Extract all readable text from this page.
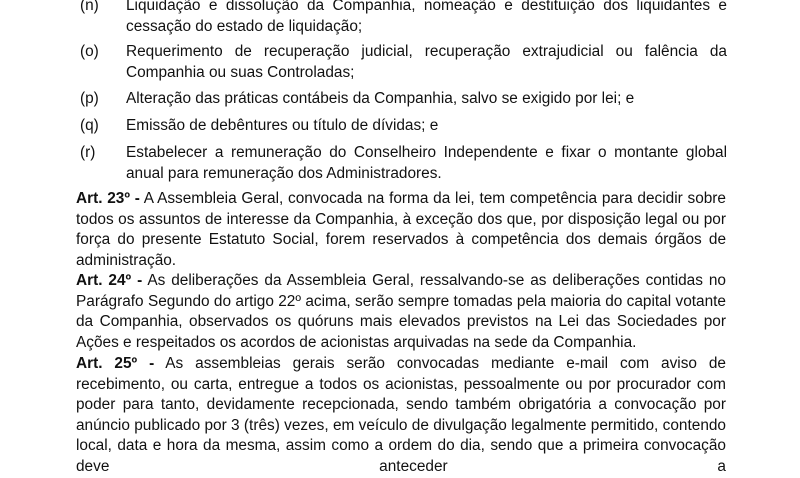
(n) Liquidação e dissolução da Companhia, nomeação e destituição dos liquidantes e cessação do estado de liquidação;
(o) Requerimento de recuperação judicial, recuperação extrajudicial ou falência da Companhia ou suas Controladas;
(p) Alteração das práticas contábeis da Companhia, salvo se exigido por lei; e
(q) Emissão de debêntures ou título de dívidas; e
(r) Estabelecer a remuneração do Conselheiro Independente e fixar o montante global anual para remuneração dos Administradores.
Art. 23º - A Assembleia Geral, convocada na forma da lei, tem competência para decidir sobre todos os assuntos de interesse da Companhia, à exceção dos que, por disposição legal ou por força do presente Estatuto Social, forem reservados à competência dos demais órgãos de administração.
Art. 24º - As deliberações da Assembleia Geral, ressalvando-se as deliberações contidas no Parágrafo Segundo do artigo 22º acima, serão sempre tomadas pela maioria do capital votante da Companhia, observados os quóruns mais elevados previstos na Lei das Sociedades por Ações e respeitados os acordos de acionistas arquivadas na sede da Companhia.
Art. 25º - As assembleias gerais serão convocadas mediante e-mail com aviso de recebimento, ou carta, entregue a todos os acionistas, pessoalmente ou por procurador com poder para tanto, devidamente recepcionada, sendo também obrigatória a convocação por anúncio publicado por 3 (três) vezes, em veículo de divulgação legalmente permitido, contendo local, data e hora da mesma, assim como a ordem do dia, sendo que a primeira convocação deve anteceder a
